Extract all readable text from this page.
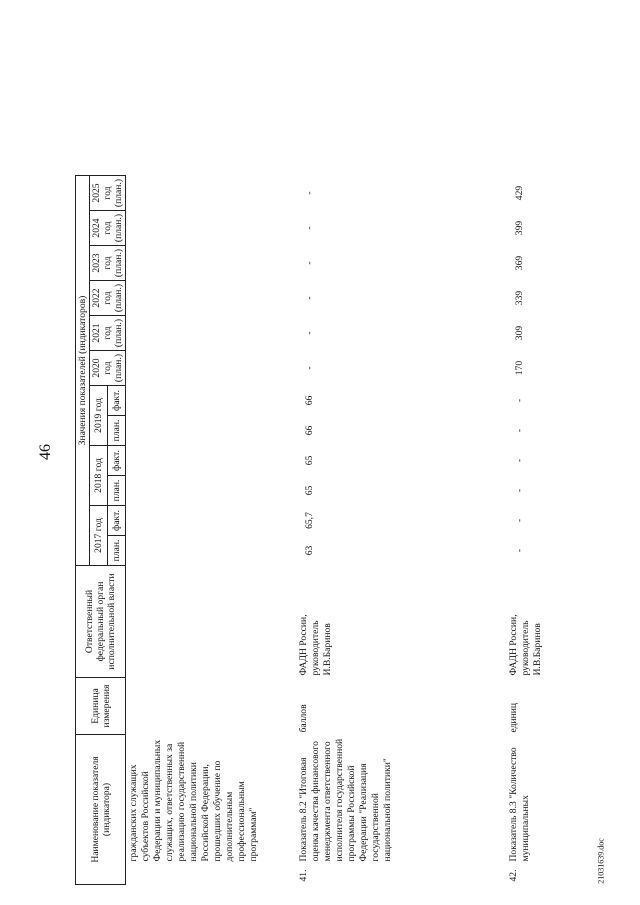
46
21031639.doc
Наименование показателя (индикатора)	Единица измерения	Ответственный федеральный орган исполнительной власти	Значения показателей (индикаторов)											
			2017 год		2018 год		2019 год		2020 год (план.)	2021 год (план.)	2022 год (план.)	2023 год (план.)	2024 год (план.)	2025 год (план.)
			план.	факт.	план.	факт.	план.	факт.						
гражданских служащих субъектов Российской Федерации и муниципальных служащих, ответственных за реализацию государственной национальной политики Российской Федерации, прошедших обучение по дополнительным профессиональным программам"														
41.Показатель 8.2 "Итоговая оценка качества финансового менеджмента ответственного исполнителя государственной программы Российской Федерации "Реализация государственной национальной политики"	баллов	ФАДН России, руководитель И.В.Баринов	63	65,7	65	65	66	66	-	-	-	-	-	-
42.Показатель 8.3 "Количество муниципальных	единиц	ФАДН России, руководитель И.В.Баринов	-	-	-	-	-	-	170	309	339	369	399	429
